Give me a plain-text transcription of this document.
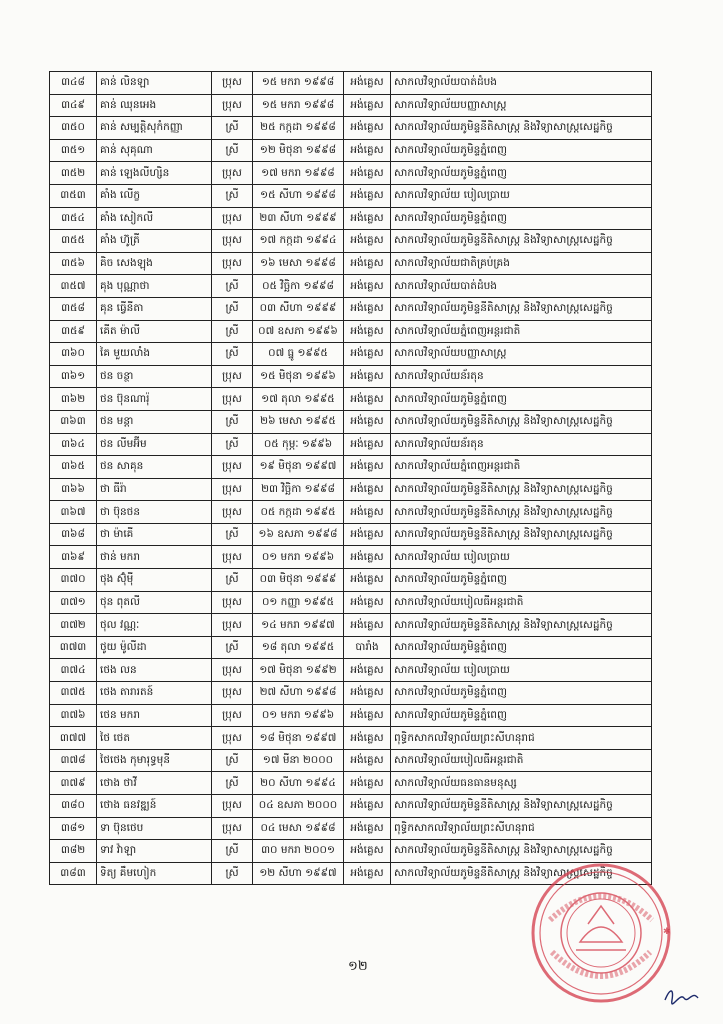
៣៤៨	គាន់ លិនឡា	ប្រុស	១៥ មករា ១៩៩៨	អង់គ្លេស	សាកលវិទ្យាល័យបាត់ដំបង
៣៤៩	គាន់ ឈុនអេង	ប្រុស	១៥ មករា ១៩៩៨	អង់គ្លេស	សាកលវិទ្យាល័យបញ្ញាសាស្ត្រ
៣៥០	គាន់ សម្បត្តិសុកំកញ្ញា	ស្រី	២៥ កក្កដា ១៩៩៨	អង់គ្លេស	សាកលវិទ្យាល័យភូមិន្ទនីតិសាស្ត្រ និងវិទ្យាសាស្ត្រសេដ្ឋកិច្ច
៣៥១	គាន់ សុគុណា	ស្រី	១២ មិថុនា ១៩៩៨	អង់គ្លេស	សាកលវិទ្យាល័យភូមិន្ទភ្នំពេញ
៣៥២	គាន់ ឡេងលីហ្សិន	ប្រុស	១៧ មករា ១៩៩៨	អង់គ្លេស	សាកលវិទ្យាល័យភូមិន្ទភ្នំពេញ
៣៥៣	គាំង លើក្ខ	ស្រី	១៥ សីហា ១៩៩៨	អង់គ្លេស	សាកលវិទ្យាល័យ បៀលប្រាយ
៣៥៤	គាំង សៀកលី	ប្រុស	២៣ សីហា ១៩៩៩	អង់គ្លេស	សាកលវិទ្យាល័យភូមិន្ទភ្នំពេញ
៣៥៥	គាំង ហ៊ូត្រី	ប្រុស	១៧ កក្កដា ១៩៩៤	អង់គ្លេស	សាកលវិទ្យាល័យភូមិន្ទនីតិសាស្ត្រ និងវិទ្យាសាស្ត្រសេដ្ឋកិច្ច
៣៥៦	គិច សេងឡុង	ប្រុស	១៦ មេសា ១៩៩៨	អង់គ្លេស	សាកលវិទ្យាល័យជាតិគ្រប់គ្រង
៣៥៧	គុង បុណ្ណាថា	ស្រី	០៥ វិច្ឆិកា ១៩៩៨	អង់គ្លេស	សាកលវិទ្យាល័យបាត់ដំបង
៣៥៨	គុន ធ្វើនីតា	ស្រី	០៣ សីហា ១៩៩៩	អង់គ្លេស	សាកលវិទ្យាល័យភូមិន្ទនីតិសាស្ត្រ និងវិទ្យាសាស្ត្រសេដ្ឋកិច្ច
៣៥៩	គើត ម៉ាលី	ស្រី	០៧ ឧសភា ១៩៩៦	អង់គ្លេស	សាកលវិទ្យាល័យភ្នំពេញអន្តរជាតិ
៣៦០	គៃ មួយលាំង	ស្រី	០៧ ធ្នូ ១៩៩៥	អង់គ្លេស	សាកលវិទ្យាល័យបញ្ញាសាស្ត្រ
៣៦១	ថន ចន្ថា	ប្រុស	១៥ មិថុនា ១៩៩៦	អង់គ្លេស	សាកលវិទ្យាល័យន័រតុន
៣៦២	ថន ប៊ុនណារ៉ុ	ប្រុស	១៧ តុលា ១៩៩៥	អង់គ្លេស	សាកលវិទ្យាល័យភូមិន្ទភ្នំពេញ
៣៦៣	ថន មន្តា	ស្រី	២៦ មេសា ១៩៩៥	អង់គ្លេស	សាកលវិទ្យាល័យភូមិន្ទនីតិសាស្ត្រ និងវិទ្យាសាស្ត្រសេដ្ឋកិច្ច
៣៦៤	ថន លីមអ៊ីម	ស្រី	០៥ កុម្ភៈ ១៩៩៦	អង់គ្លេស	សាកលវិទ្យាល័យន័រតុន
៣៦៥	ថន សាគុន	ប្រុស	១៩ មិថុនា ១៩៩៧	អង់គ្លេស	សាកលវិទ្យាល័យភ្នំពេញអន្តរជាតិ
៣៦៦	ថា ធីរ៉ា	ប្រុស	២៣ វិច្ឆិកា ១៩៩៨	អង់គ្លេស	សាកលវិទ្យាល័យភូមិន្ទនីតិសាស្ត្រ និងវិទ្យាសាស្ត្រសេដ្ឋកិច្ច
៣៦៧	ថា ប៊ុនថន	ប្រុស	០៥ កក្កដា ១៩៩៥	អង់គ្លេស	សាកលវិទ្យាល័យភូមិន្ទនីតិសាស្ត្រ និងវិទ្យាសាស្ត្រសេដ្ឋកិច្ច
៣៦៨	ថា ម៉ាគើ	ស្រី	១៦ ឧសភា ១៩៩៨	អង់គ្លេស	សាកលវិទ្យាល័យភូមិន្ទនីតិសាស្ត្រ និងវិទ្យាសាស្ត្រសេដ្ឋកិច្ច
៣៦៩	ថាន់ មករា	ប្រុស	០១ មករា ១៩៩៦	អង់គ្លេស	សាកលវិទ្យាល័យ បៀលប្រាយ
៣៧០	ថុង ស៊ុំម៉ី	ស្រី	០៣ មិថុនា ១៩៩៩	អង់គ្លេស	សាកលវិទ្យាល័យភូមិន្ទភ្នំពេញ
៣៧១	ថុន ពុតលី	ប្រុស	០១ កញ្ញា ១៩៩៥	អង់គ្លេស	សាកលវិទ្យាល័យបៀលធីអន្តរជាតិ
៣៧២	ថុល វណ្ណៈ	ប្រុស	១៤ មករា ១៩៩៧	អង់គ្លេស	សាកលវិទ្យាល័យភូមិន្ទនីតិសាស្ត្រ និងវិទ្យាសាស្ត្រសេដ្ឋកិច្ច
៣៧៣	ថូយ ម៉ូលីដា	ស្រី	១៨ តុលា ១៩៩៥	បារាំង	សាកលវិទ្យាល័យភូមិន្ទភ្នំពេញ
៣៧៤	ថេង លន	ប្រុស	១៧ មិថុនា ១៩៩២	អង់គ្លេស	សាកលវិទ្យាល័យ បៀលប្រាយ
៣៧៥	ថេង តារារតន៍	ប្រុស	២៧ សីហា ១៩៩៨	អង់គ្លេស	សាកលវិទ្យាល័យភូមិន្ទភ្នំពេញ
៣៧៦	ថេន មករា	ប្រុស	០១ មករា ១៩៩៦	អង់គ្លេស	សាកលវិទ្យាល័យភូមិន្ទភ្នំពេញ
៣៧៧	ថៃ ថេត	ប្រុស	១៨ មិថុនា ១៩៩៧	អង់គ្លេស	ពុទ្ធិកសាកលវិទ្យាល័យព្រះសីហនុរាជ
៣៧៨	ថៃថេង កុមារុទ្ធមុនី	ស្រី	១៧ មីនា ២០០០	អង់គ្លេស	សាកលវិទ្យាល័យបៀលធីអន្តរជាតិ
៣៧៩	ថោង ថាវី	ស្រី	២០ សីហា ១៩៩៤	អង់គ្លេស	សាកលវិទ្យាល័យធនធានមនុស្ស
៣៨០	ថោង ធនវឌ្ឍន៍	ប្រុស	០៤ ឧសភា ២០០០	អង់គ្លេស	សាកលវិទ្យាល័យភូមិន្ទនីតិសាស្ត្រ និងវិទ្យាសាស្ត្រសេដ្ឋកិច្ច
៣៨១	ទា ប៊ុនថេប	ប្រុស	០៤ មេសា ១៩៩៨	អង់គ្លេស	ពុទ្ធិកសាកលវិទ្យាល័យព្រះសីហនុរាជ
៣៨២	ទាវ វ៉ាឡា	ស្រី	៣០ មករា ២០០១	អង់គ្លេស	សាកលវិទ្យាល័យភូមិន្ទនីតិសាស្ត្រ និងវិទ្យាសាស្ត្រសេដ្ឋកិច្ច
៣៨៣	ទិត្យ គឹមហៀក	ស្រី	១២ សីហា ១៩៩៧	អង់គ្លេស	សាកលវិទ្យាល័យភូមិន្ទនីតិសាស្ត្រ និងវិទ្យាសាស្ត្រសេដ្ឋកិច្ច
១២
✱
